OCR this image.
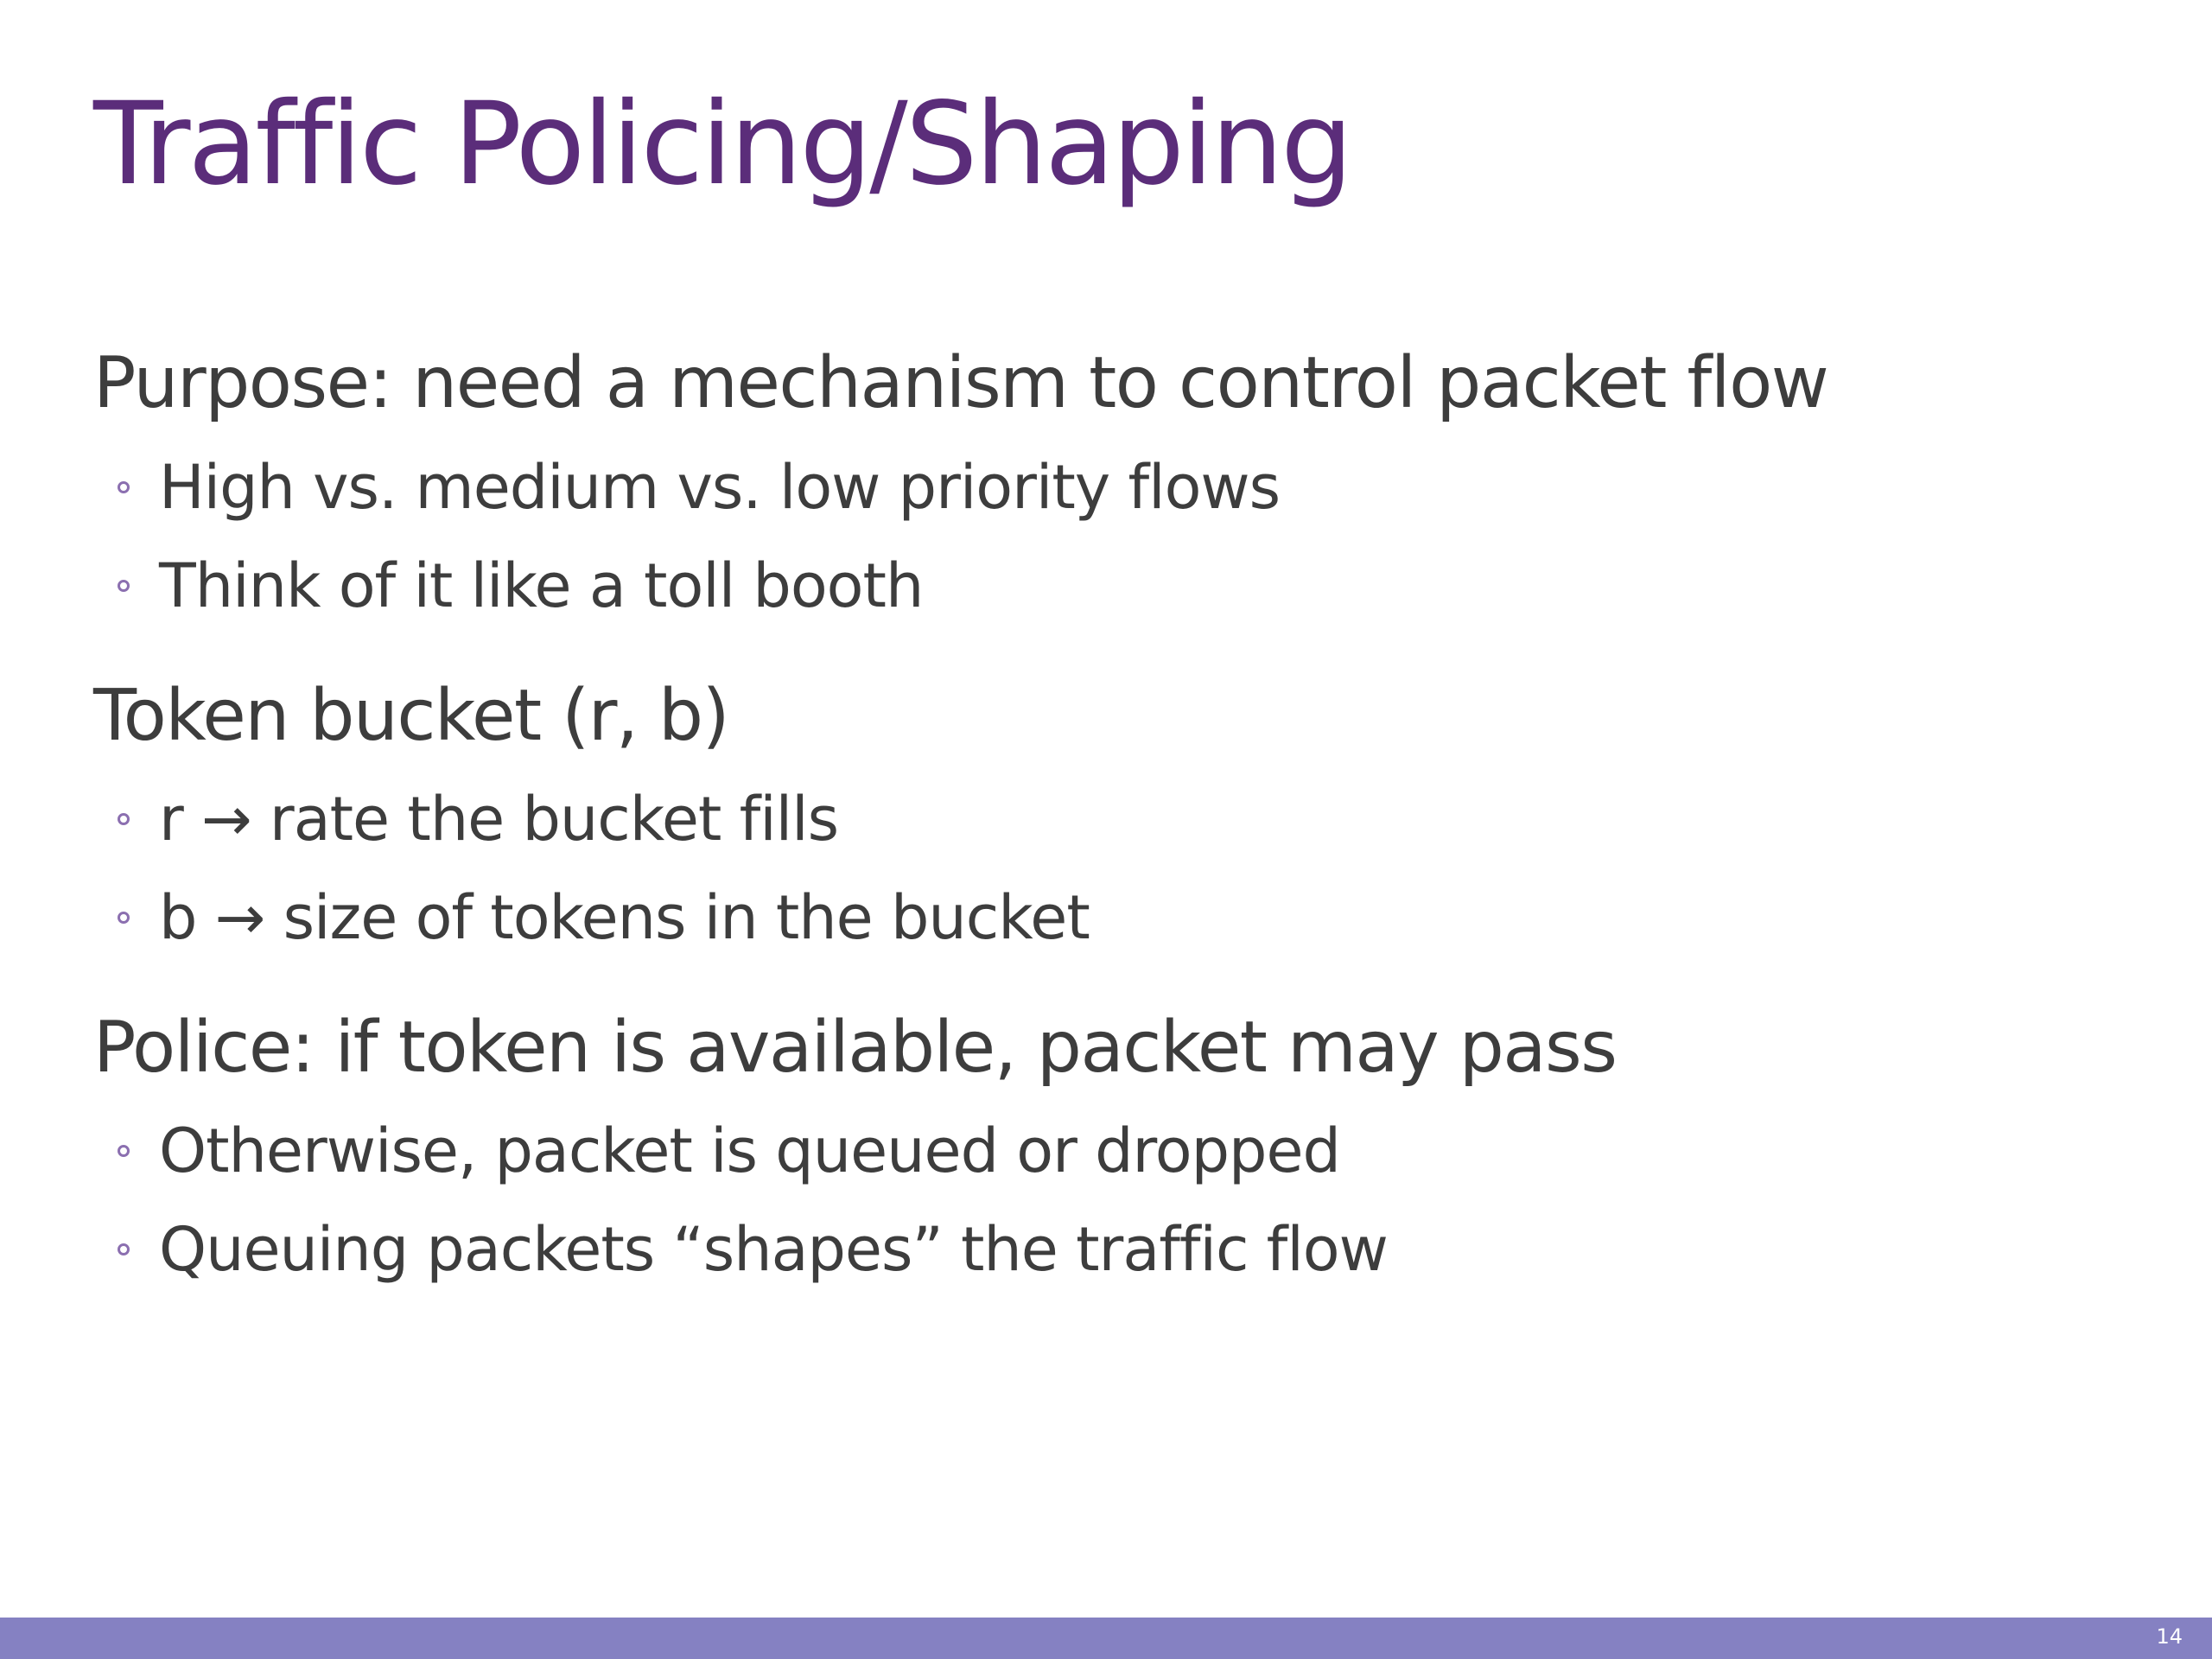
Traffic Policing/Shaping

Purpose: need a mechanism to control packet flow

High vs. medium vs. low priority flows
Think of it like a toll booth

Token bucket (r, b)

r → rate the bucket fills
b → size of tokens in the bucket

Police: if token is available, packet may pass

Otherwise, packet is queued or dropped
Queuing packets “shapes” the traffic flow
14
